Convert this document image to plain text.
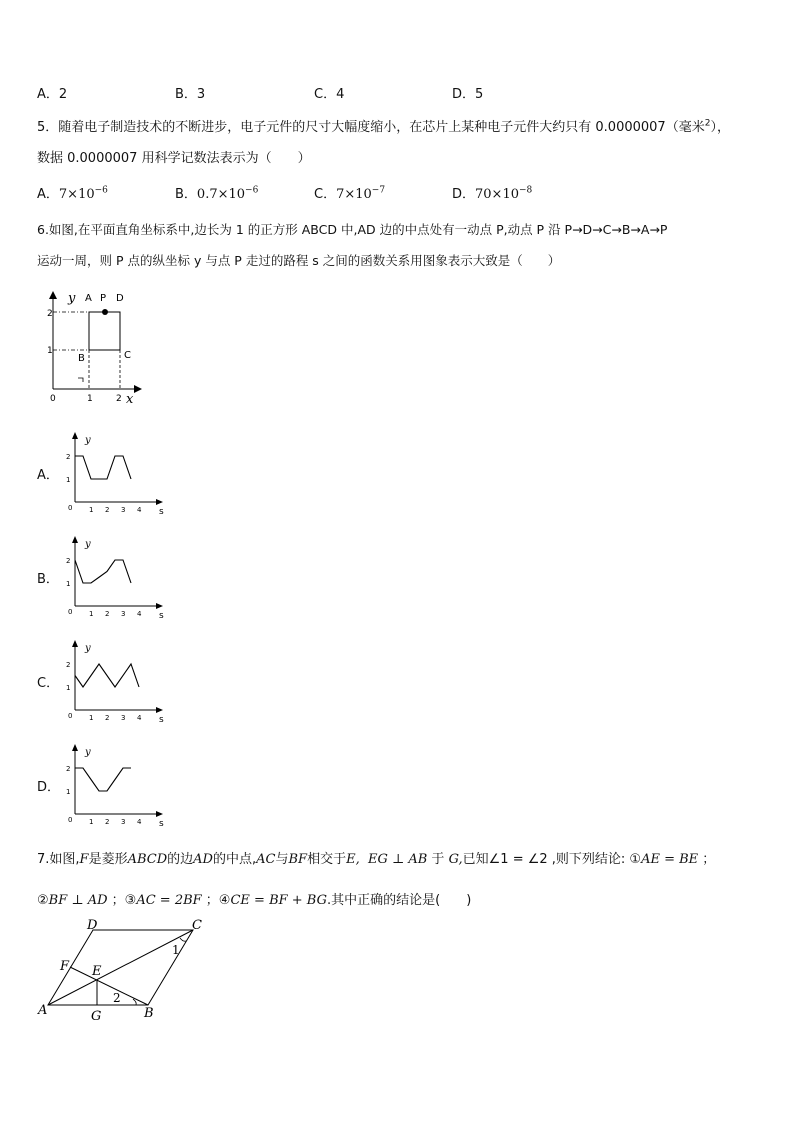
A．2	B．3	C．4	D．5
5．随着电子制造技术的不断进步，电子元件的尺寸大幅度缩小，在芯片上某种电子元件大约只有 0.0000007（毫米$^2$），
数据 0.0000007 用科学记数法表示为（　　）
A．$7\times 10^{-6}$	B．$0.7\times 10^{-6}$	C．$7\times 10^{-7}$	D．$70\times 10^{-8}$
6.如图,在平面直角坐标系中,边长为 1 的正方形 ABCD 中,AD 边的中点处有一动点 P,动点 P 沿 P→D→C→B→A→P
运动一周，则 P 点的纵坐标 y 与点 P 走过的路程 s 之间的函数关系用图象表示大致是（　　）
y
x
0
2
1
1	2
A P D
B	C
A．
y
s
0
1
2
1 2 3 4
B．
y
s
0
1
2
1 2 3 4
C．
y
s
0
1
2
1 2 3 4
D．
y
s
0
1
2
1 2 3 4
7.如图,F是菱形ABCD的边AD的中点,AC与BF相交于E, EG ⊥ AB 于 G,已知∠1 = ∠2 ,则下列结论: ①AE = BE ；
②BF ⊥ AD ；③AC = 2BF ；④CE = BF + BG.其中正确的结论是(　　)
D	C
F E
A	G	B
1
2
